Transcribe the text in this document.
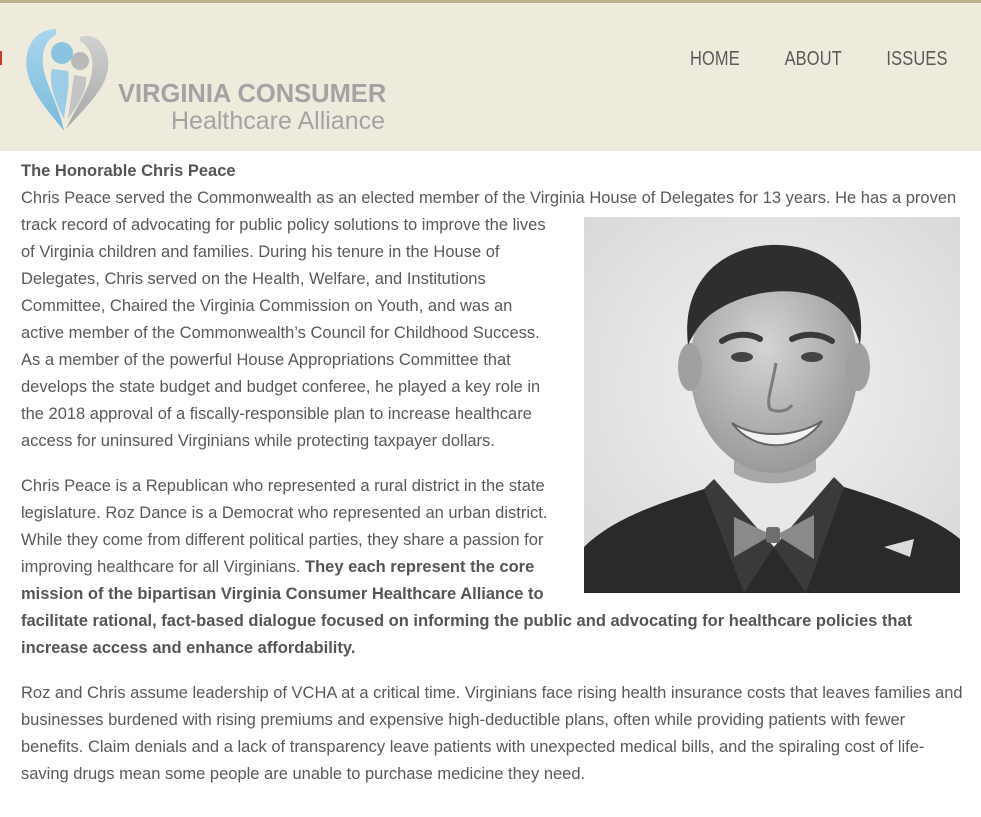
VIRGINIA CONSUMER
Healthcare Alliance
HOME ABOUT ISSUES
The Honorable Chris Peace

Chris Peace served the Commonwealth as an elected member of the Virginia House of Delegates for 13 years. He has a proven track record of advocating for public policy solutions to improve the lives of Virginia children and families. During his tenure in the House of Delegates, Chris served on the Health, Welfare, and Institutions Committee, Chaired the Virginia Commission on Youth, and was an active member of the Commonwealth’s Council for Childhood Success. As a member of the powerful House Appropriations Committee that develops the state budget and budget conferee, he played a key role in the 2018 approval of a fiscally-responsible plan to increase healthcare access for uninsured Virginians while protecting taxpayer dollars.

Chris Peace is a Republican who represented a rural district in the state legislature. Roz Dance is a Democrat who represented an urban district. While they come from different political parties, they share a passion for improving healthcare for all Virginians. They each represent the core mission of the bipartisan Virginia Consumer Healthcare Alliance to facilitate rational, fact-based dialogue focused on informing the public and advocating for healthcare policies that increase access and enhance affordability.

Roz and Chris assume leadership of VCHA at a critical time. Virginians face rising health insurance costs that leaves families and businesses burdened with rising premiums and expensive high-deductible plans, often while providing patients with fewer benefits. Claim denials and a lack of transparency leave patients with unexpected medical bills, and the spiraling cost of life-saving drugs mean some people are unable to purchase medicine they need.
